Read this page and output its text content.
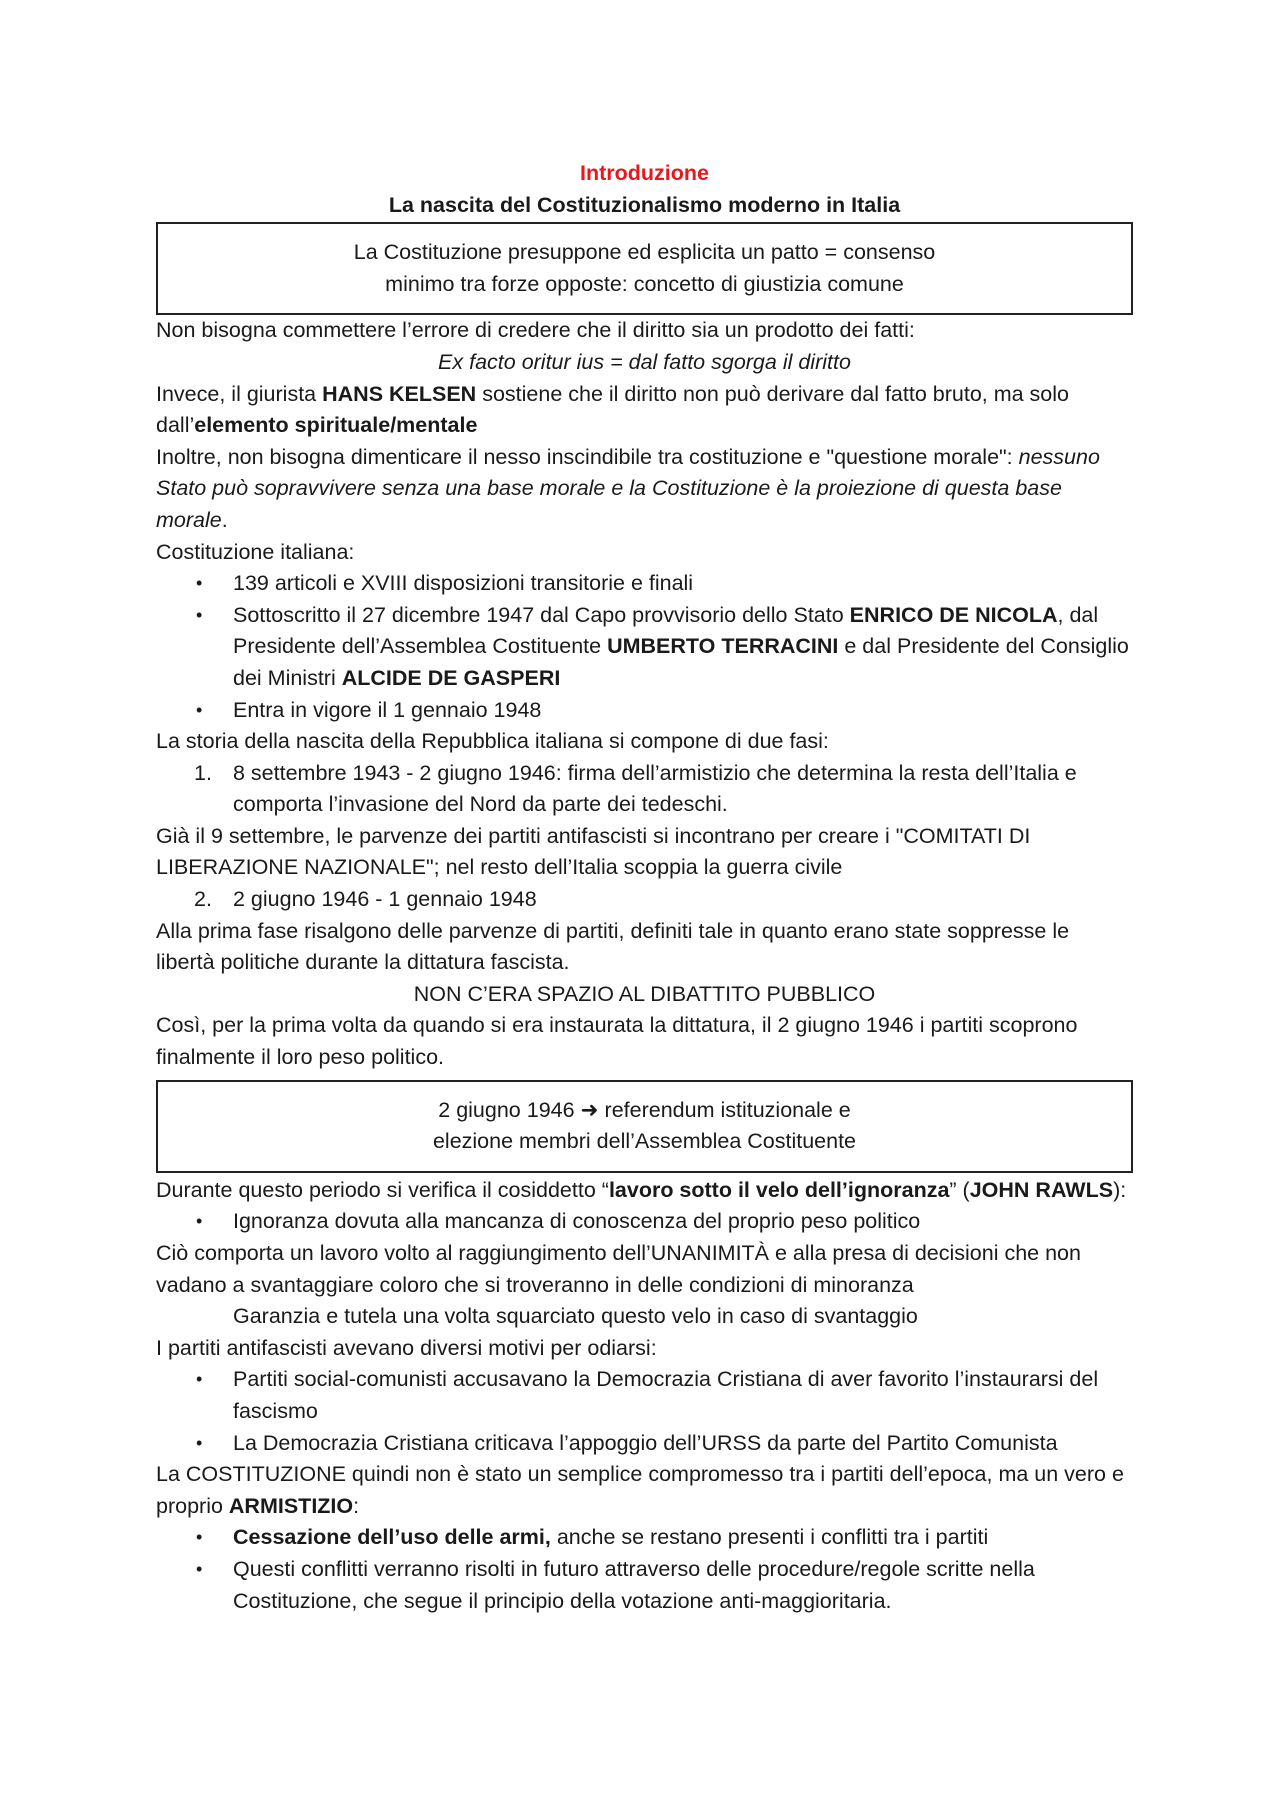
Introduzione
La nascita del Costituzionalismo moderno in Italia
La Costituzione presuppone ed esplicita un patto = consenso
minimo tra forze opposte: concetto di giustizia comune
Non bisogna commettere l’errore di credere che il diritto sia un prodotto dei fatti:
Ex facto oritur ius = dal fatto sgorga il diritto
Invece, il giurista HANS KELSEN sostiene che il diritto non può derivare dal fatto bruto, ma solo dall’elemento spirituale/mentale
Inoltre, non bisogna dimenticare il nesso inscindibile tra costituzione e "questione morale": nessuno Stato può sopravvivere senza una base morale e la Costituzione è la proiezione di questa base morale.
Costituzione italiana:
• 139 articoli e XVIII disposizioni transitorie e finali
• Sottoscritto il 27 dicembre 1947 dal Capo provvisorio dello Stato ENRICO DE NICOLA, dal Presidente dell’Assemblea Costituente UMBERTO TERRACINI e dal Presidente del Consiglio dei Ministri ALCIDE DE GASPERI
• Entra in vigore il 1 gennaio 1948
La storia della nascita della Repubblica italiana si compone di due fasi:
1. 8 settembre 1943 - 2 giugno 1946: firma dell’armistizio che determina la resta dell’Italia e comporta l’invasione del Nord da parte dei tedeschi.
Già il 9 settembre, le parvenze dei partiti antifascisti si incontrano per creare i "COMITATI DI LIBERAZIONE NAZIONALE"; nel resto dell’Italia scoppia la guerra civile
2. 2 giugno 1946 - 1 gennaio 1948
Alla prima fase risalgono delle parvenze di partiti, definiti tale in quanto erano state soppresse le libertà politiche durante la dittatura fascista.
NON C’ERA SPAZIO AL DIBATTITO PUBBLICO
Così, per la prima volta da quando si era instaurata la dittatura, il 2 giugno 1946 i partiti scoprono finalmente il loro peso politico.
2 giugno 1946 ➜ referendum istituzionale e
elezione membri dell’Assemblea Costituente
Durante questo periodo si verifica il cosiddetto “lavoro sotto il velo dell’ignoranza” (JOHN RAWLS):
• Ignoranza dovuta alla mancanza di conoscenza del proprio peso politico
Ciò comporta un lavoro volto al raggiungimento dell’UNANIMITÀ e alla presa di decisioni che non vadano a svantaggiare coloro che si troveranno in delle condizioni di minoranza
Garanzia e tutela una volta squarciato questo velo in caso di svantaggio
I partiti antifascisti avevano diversi motivi per odiarsi:
• Partiti social-comunisti accusavano la Democrazia Cristiana di aver favorito l’instaurarsi del fascismo
• La Democrazia Cristiana criticava l’appoggio dell’URSS da parte del Partito Comunista
La COSTITUZIONE quindi non è stato un semplice compromesso tra i partiti dell’epoca, ma un vero e proprio ARMISTIZIO:
• Cessazione dell’uso delle armi, anche se restano presenti i conflitti tra i partiti
• Questi conflitti verranno risolti in futuro attraverso delle procedure/regole scritte nella Costituzione, che segue il principio della votazione anti-maggioritaria.
